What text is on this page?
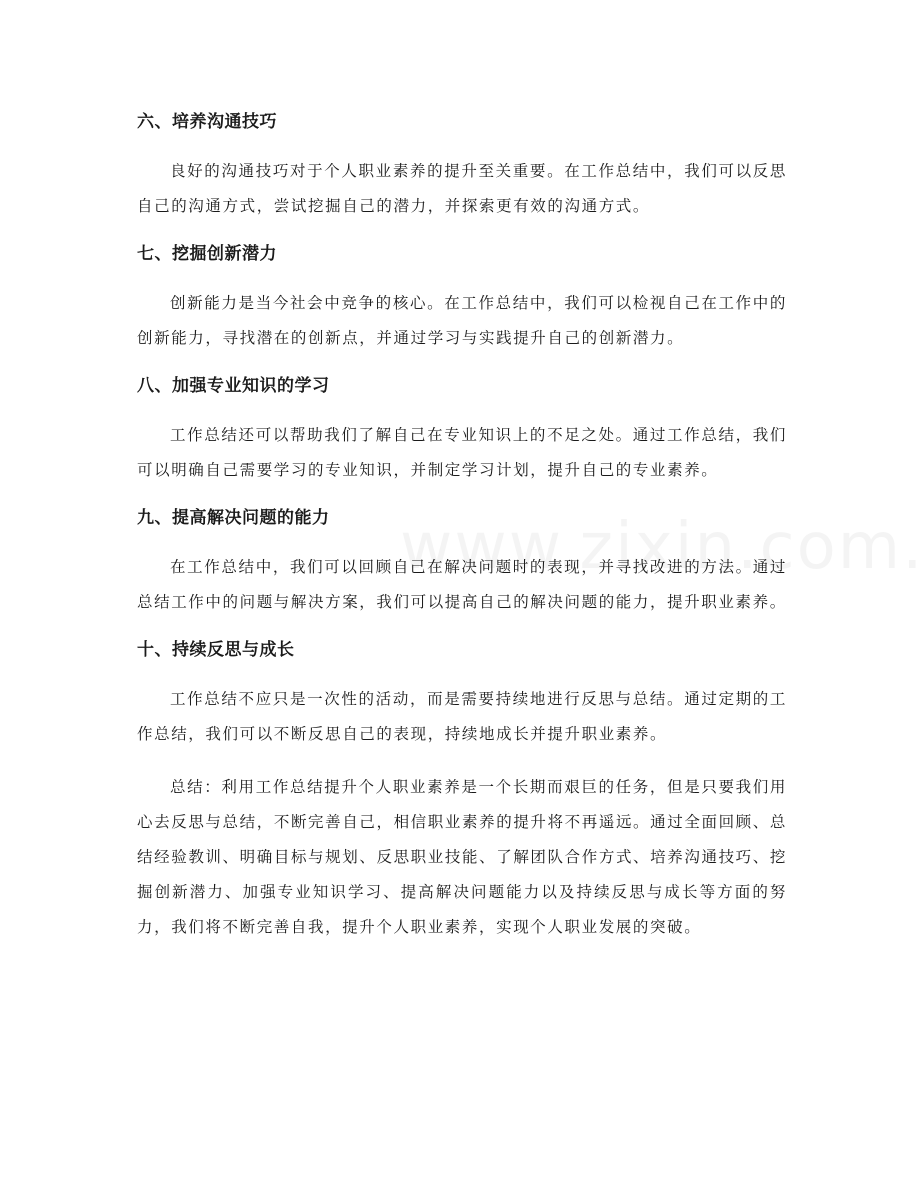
六、培养沟通技巧

良好的沟通技巧对于个人职业素养的提升至关重要。在工作总结中，我们可以反思自己的沟通方式，尝试挖掘自己的潜力，并探索更有效的沟通方式。

七、挖掘创新潜力

创新能力是当今社会中竞争的核心。在工作总结中，我们可以检视自己在工作中的创新能力，寻找潜在的创新点，并通过学习与实践提升自己的创新潜力。

八、加强专业知识的学习

工作总结还可以帮助我们了解自己在专业知识上的不足之处。通过工作总结，我们可以明确自己需要学习的专业知识，并制定学习计划，提升自己的专业素养。

九、提高解决问题的能力

在工作总结中，我们可以回顾自己在解决问题时的表现，并寻找改进的方法。通过总结工作中的问题与解决方案，我们可以提高自己的解决问题的能力，提升职业素养。

十、持续反思与成长

工作总结不应只是一次性的活动，而是需要持续地进行反思与总结。通过定期的工作总结，我们可以不断反思自己的表现，持续地成长并提升职业素养。

总结：利用工作总结提升个人职业素养是一个长期而艰巨的任务，但是只要我们用心去反思与总结，不断完善自己，相信职业素养的提升将不再遥远。通过全面回顾、总结经验教训、明确目标与规划、反思职业技能、了解团队合作方式、培养沟通技巧、挖掘创新潜力、加强专业知识学习、提高解决问题能力以及持续反思与成长等方面的努力，我们将不断完善自我，提升个人职业素养，实现个人职业发展的突破。
